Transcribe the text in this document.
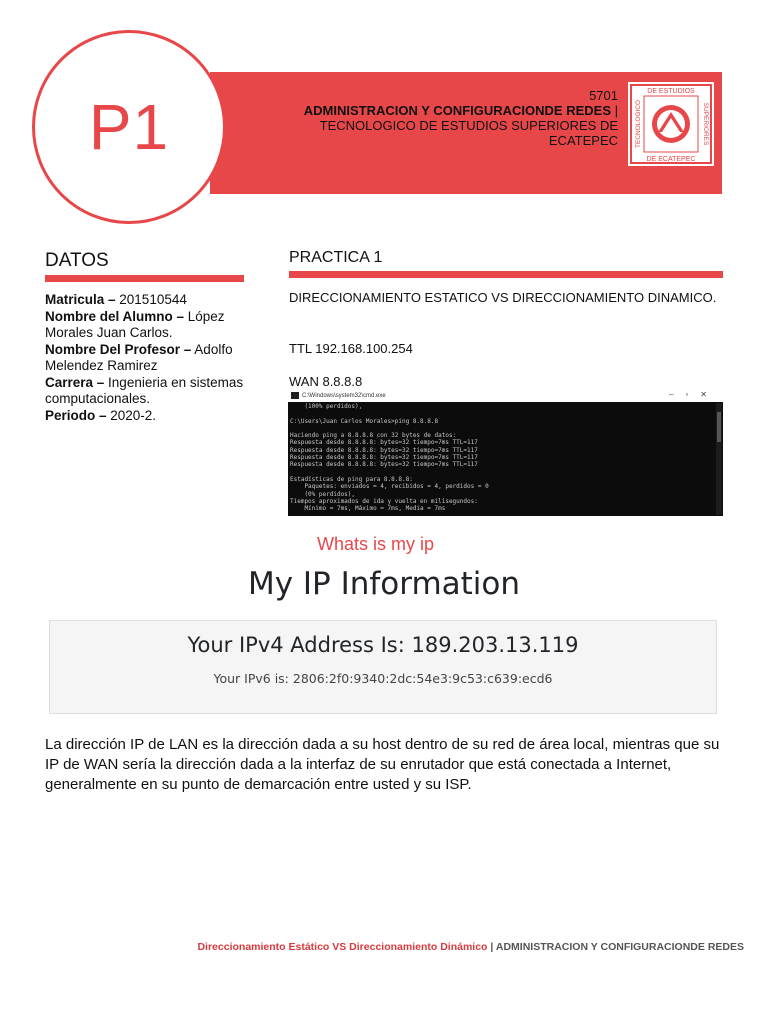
P1	5701
ADMINISTRACION Y CONFIGURACIONDE REDES | TECNOLOGICO DE ESTUDIOS SUPERIORES DE ECATEPEC
DE ESTUDIOS
DE ECATEPEC
TECNOLOGICO	SUPERIORES
DATOS
Matricula – 201510544
Nombre del Alumno – López Morales Juan Carlos.
Nombre Del Profesor – Adolfo Melendez Ramirez
Carrera – Ingenieria en sistemas computacionales.
Periodo – 2020-2.
PRACTICA 1
DIRECCIONAMIENTO ESTATICO VS DIRECCIONAMIENTO DINAMICO.
TTL 192.168.100.254
WAN 8.8.8.8
C:\Windows\system32\cmd.exe	–▫✕
(100% perdidos),

C:\Users\Juan Carlos Morales>ping 8.8.8.8

Haciendo ping a 8.8.8.8 con 32 bytes de datos:
Respuesta desde 8.8.8.8: bytes=32 tiempo=7ms TTL=117
Respuesta desde 8.8.8.8: bytes=32 tiempo=7ms TTL=117
Respuesta desde 8.8.8.8: bytes=32 tiempo=7ms TTL=117
Respuesta desde 8.8.8.8: bytes=32 tiempo=7ms TTL=117

Estadísticas de ping para 8.8.8.8:
Paquetes: enviados = 4, recibidos = 4, perdidos = 0
(0% perdidos),
Tiempos aproximados de ida y vuelta en milisegundos:
Mínimo = 7ms, Máximo = 7ms, Media = 7ms
Whats is my ip
My IP Information
Your IPv4 Address Is: 189.203.13.119
Your IPv6 is: 2806:2f0:9340:2dc:54e3:9c53:c639:ecd6
La dirección IP de LAN es la dirección dada a su host dentro de su red de área local, mientras que su IP de WAN sería la dirección dada a la interfaz de su enrutador que está conectada a Internet, generalmente en su punto de demarcación entre usted y su ISP.
Direccionamiento Estático VS Direccionamiento Dinámico | ADMINISTRACION Y CONFIGURACIONDE REDES
